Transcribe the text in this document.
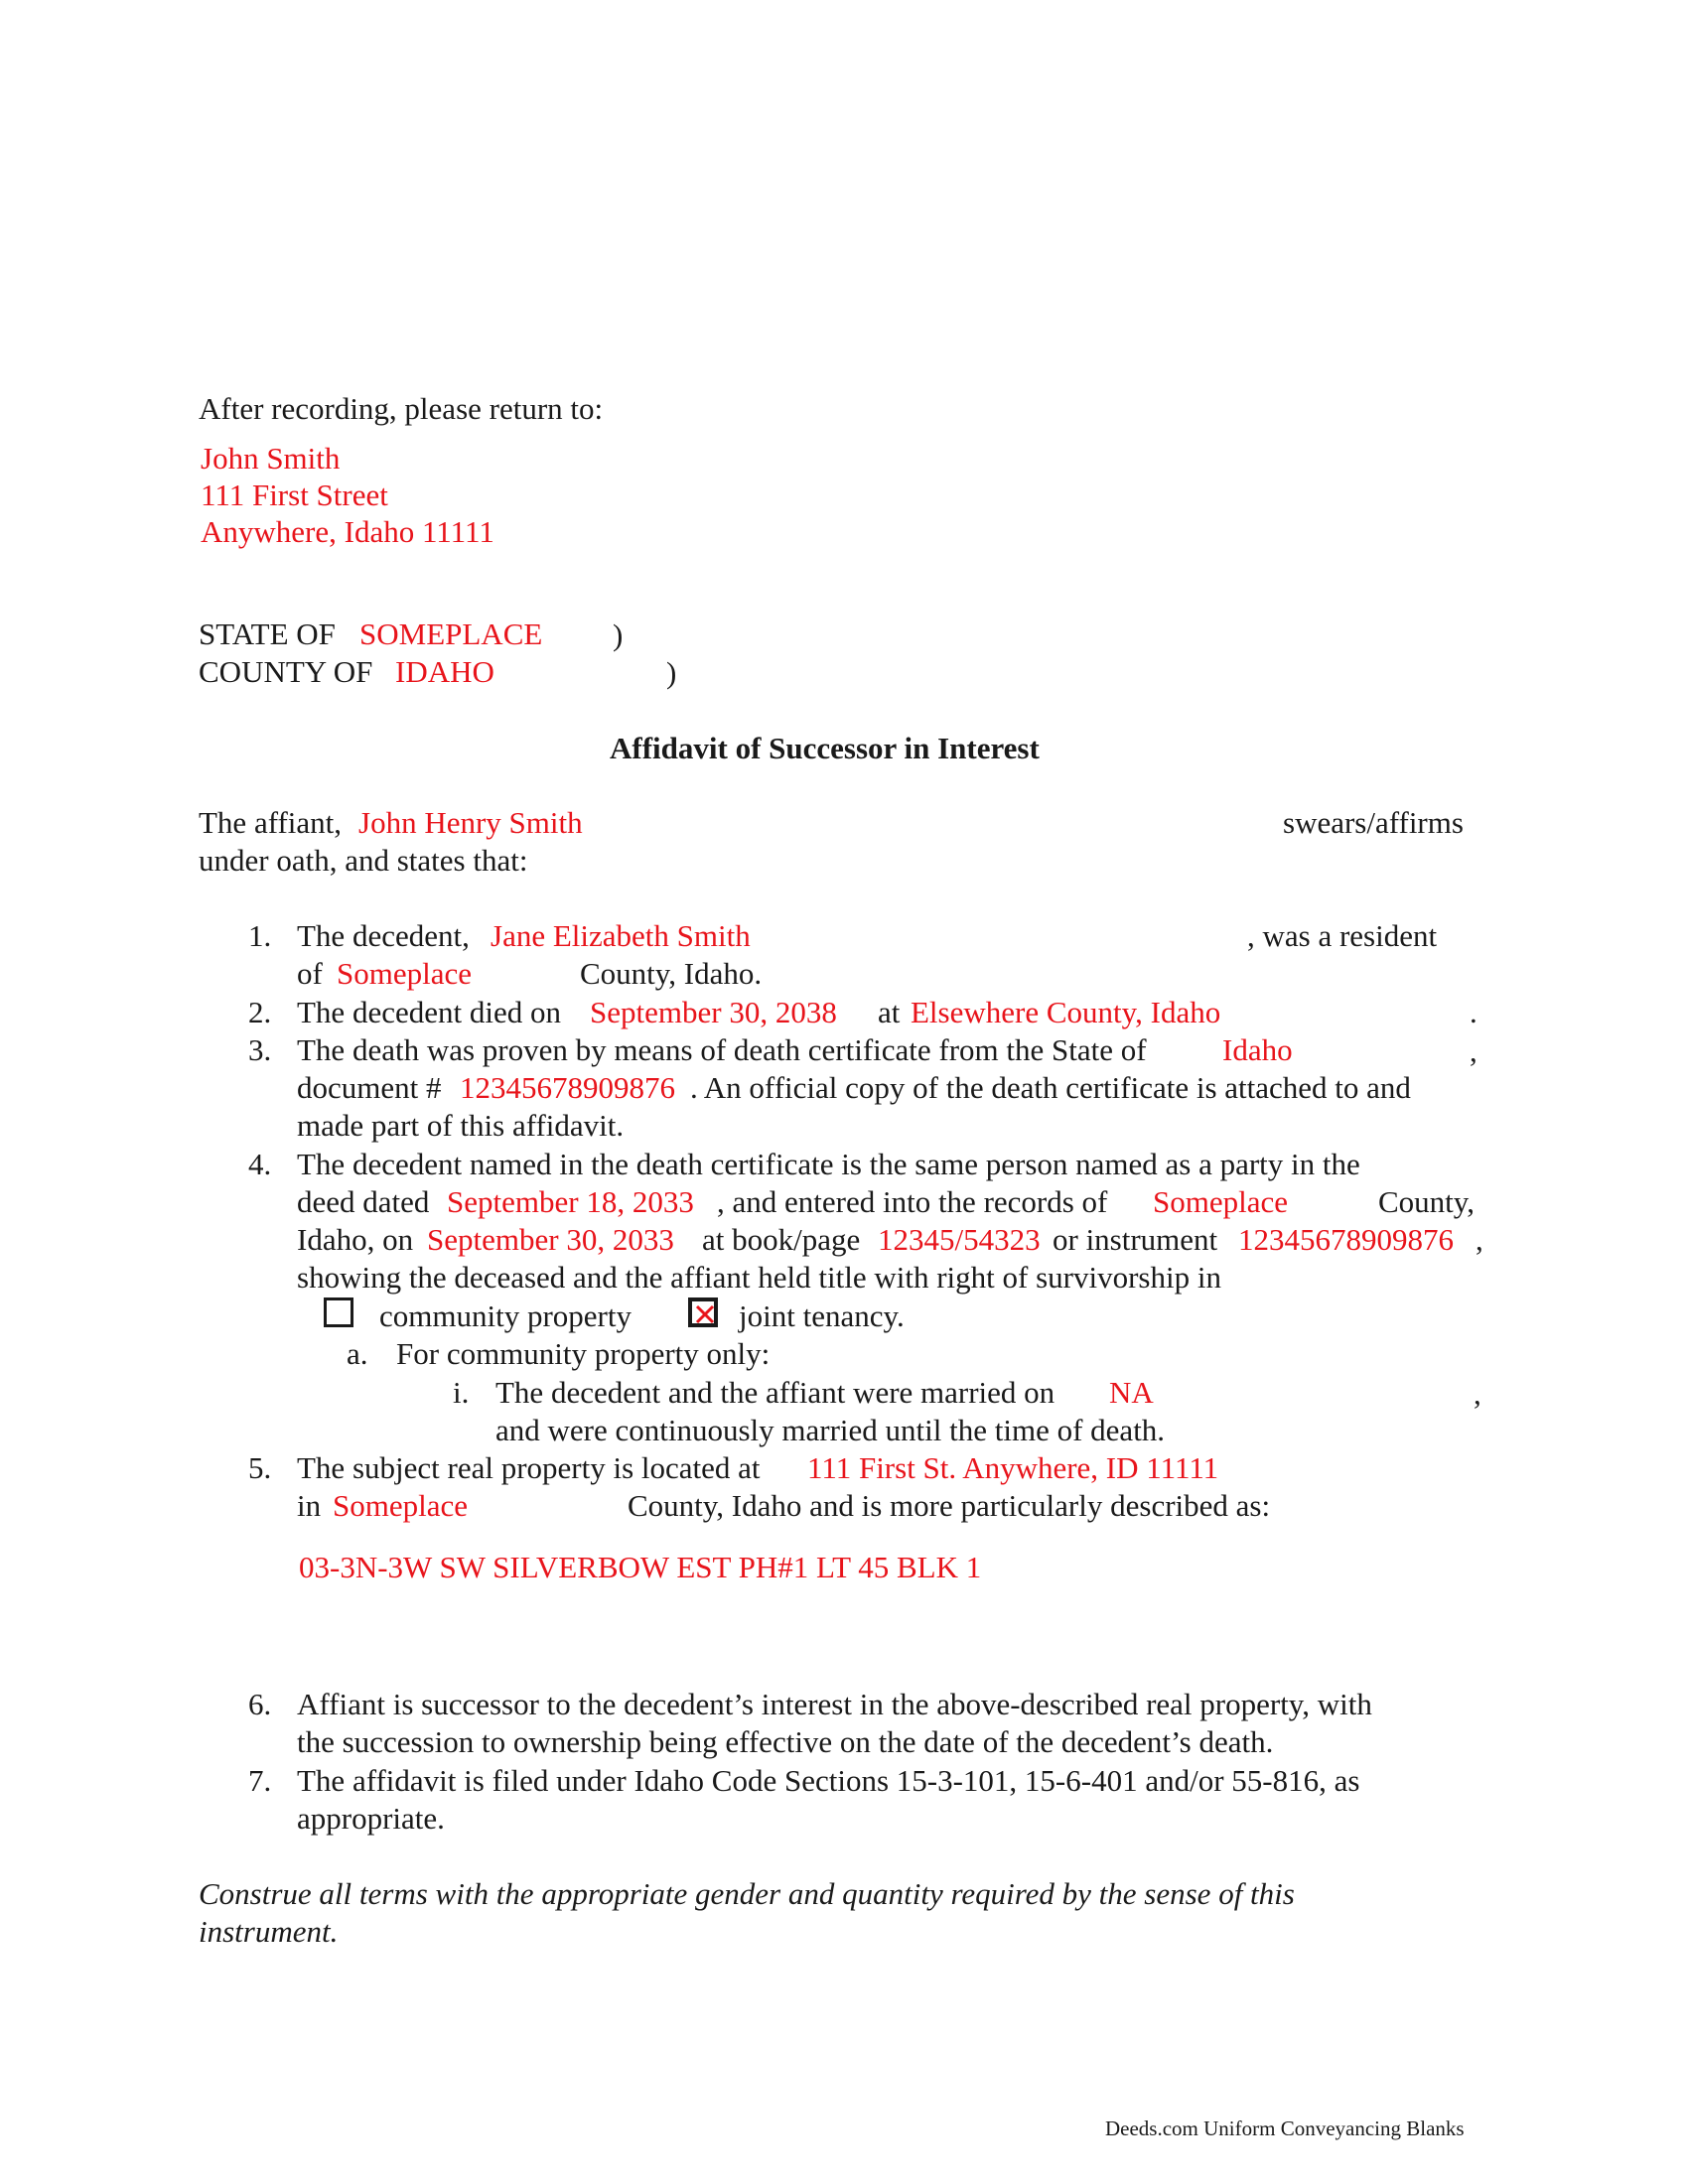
After recording, please return to:
John Smith
111 First Street
Anywhere, Idaho 11111
STATE OF SOMEPLACE )
COUNTY OF IDAHO	)
Affidavit of Successor in Interest
The affiant, John Henry Smith	swears/affirms
under oath, and states that:
1. The decedent, Jane Elizabeth Smith	, was a resident
of Someplace	County, Idaho.
2. The decedent died on September 30, 2038 at Elsewhere County, Idaho	.
3. The death was proven by means of death certificate from the State of Idaho	,
document # 12345678909876 . An official copy of the death certificate is attached to and
made part of this affidavit.
4. The decedent named in the death certificate is the same person named as a party in the
deed dated September 18, 2033 , and entered into the records of Someplace	County,
Idaho, on September 30, 2033 at book/page 12345/54323 or instrument 12345678909876 ,
showing the deceased and the affiant held title with right of survivorship in
community property	joint tenancy.
a. For community property only:
i. The decedent and the affiant were married on NA	,
and were continuously married until the time of death.
5. The subject real property is located at 111 First St. Anywhere, ID 11111
in Someplace	County, Idaho and is more particularly described as:
03-3N-3W SW SILVERBOW EST PH#1 LT 45 BLK 1
6. Affiant is successor to the decedent’s interest in the above-described real property, with
the succession to ownership being effective on the date of the decedent’s death.
7. The affidavit is filed under Idaho Code Sections 15-3-101, 15-6-401 and/or 55-816, as
appropriate.
Construe all terms with the appropriate gender and quantity required by the sense of this
instrument.
Deeds.com Uniform Conveyancing Blanks
